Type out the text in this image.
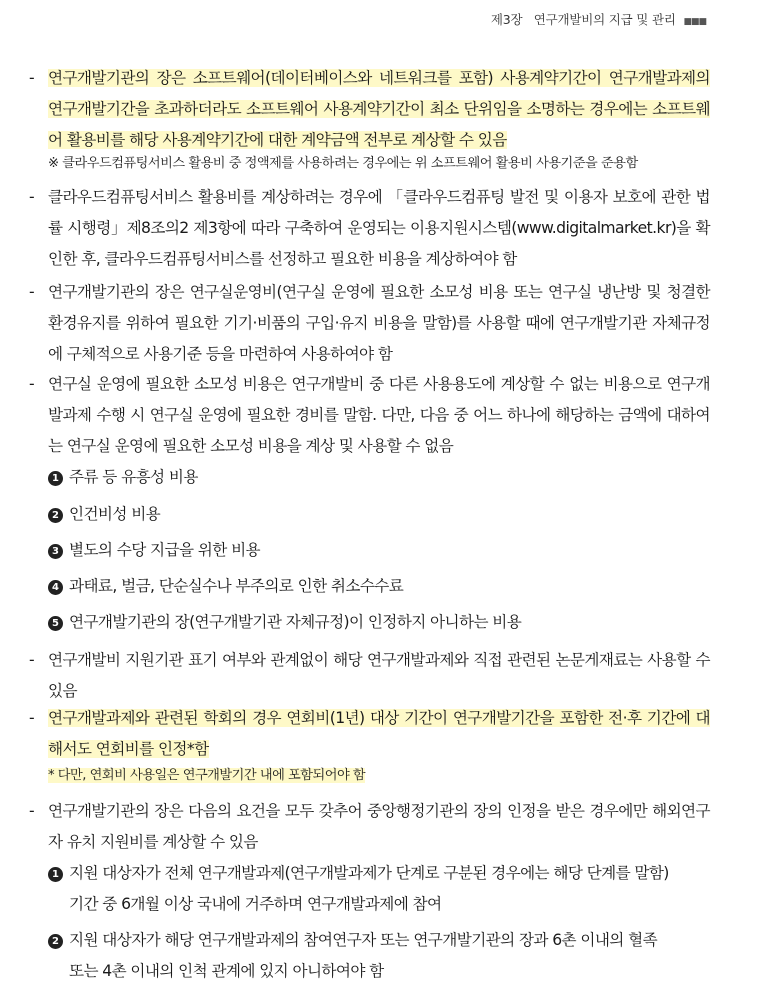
제3장 연구개발비의 지급 및 관리 ■■■
- 연구개발기관의 장은 소프트웨어(데이터베이스와 네트워크를 포함) 사용계약기간이 연구개발과제의 연구개발기간을 초과하더라도 소프트웨어 사용계약기간이 최소 단위임을 소명하는 경우에는 소프트웨어 활용비를 해당 사용계약기간에 대한 계약금액 전부로 계상할 수 있음
※ 클라우드컴퓨팅서비스 활용비 중 정액제를 사용하려는 경우에는 위 소프트웨어 활용비 사용기준을 준용함
- 클라우드컴퓨팅서비스 활용비를 계상하려는 경우에 「클라우드컴퓨팅 발전 및 이용자 보호에 관한 법률 시행령」제8조의2 제3항에 따라 구축하여 운영되는 이용지원시스템(www.digitalmarket.kr)을 확인한 후, 클라우드컴퓨팅서비스를 선정하고 필요한 비용을 계상하여야 함
- 연구개발기관의 장은 연구실운영비(연구실 운영에 필요한 소모성 비용 또는 연구실 냉난방 및 청결한 환경유지를 위하여 필요한 기기·비품의 구입·유지 비용을 말함)를 사용할 때에 연구개발기관 자체규정에 구체적으로 사용기준 등을 마련하여 사용하여야 함
- 연구실 운영에 필요한 소모성 비용은 연구개발비 중 다른 사용용도에 계상할 수 없는 비용으로 연구개발과제 수행 시 연구실 운영에 필요한 경비를 말함. 다만, 다음 중 어느 하나에 해당하는 금액에 대하여는 연구실 운영에 필요한 소모성 비용을 계상 및 사용할 수 없음
1 주류 등 유흥성 비용
2 인건비성 비용
3 별도의 수당 지급을 위한 비용
4 과태료, 벌금, 단순실수나 부주의로 인한 취소수수료
5 연구개발기관의 장(연구개발기관 자체규정)이 인정하지 아니하는 비용
- 연구개발비 지원기관 표기 여부와 관계없이 해당 연구개발과제와 직접 관련된 논문게재료는 사용할 수 있음
- 연구개발과제와 관련된 학회의 경우 연회비(1년) 대상 기간이 연구개발기간을 포함한 전·후 기간에 대해서도 연회비를 인정*함
* 다만, 연회비 사용일은 연구개발기간 내에 포함되어야 함
- 연구개발기관의 장은 다음의 요건을 모두 갖추어 중앙행정기관의 장의 인정을 받은 경우에만 해외연구자 유치 지원비를 계상할 수 있음
1 지원 대상자가 전체 연구개발과제(연구개발과제가 단계로 구분된 경우에는 해당 단계를 말함)
기간 중 6개월 이상 국내에 거주하며 연구개발과제에 참여
2 지원 대상자가 해당 연구개발과제의 참여연구자 또는 연구개발기관의 장과 6촌 이내의 혈족
또는 4촌 이내의 인척 관계에 있지 아니하여야 함
